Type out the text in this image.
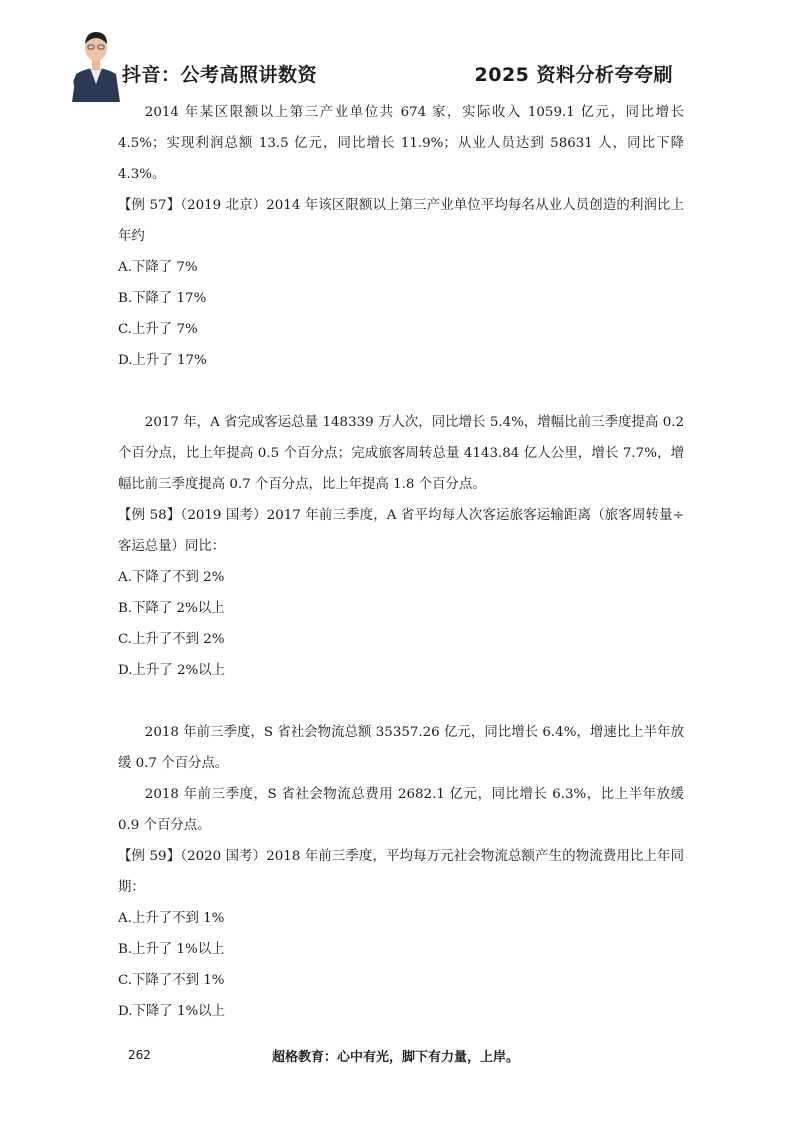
抖音：公考高照讲数资	2025 资料分析夸夸刷

2014 年某区限额以上第三产业单位共 674 家，实际收入 1059.1 亿元，同比增长 4.5%；实现利润总额 13.5 亿元，同比增长 11.9%；从业人员达到 58631 人，同比下降 4.3%。

【例 57】（2019 北京）2014 年该区限额以上第三产业单位平均每名从业人员创造的利润比上年约

A.下降了 7%

B.下降了 17%

C.上升了 7%

D.上升了 17%

2017 年，A 省完成客运总量 148339 万人次，同比增长 5.4%，增幅比前三季度提高 0.2 个百分点，比上年提高 0.5 个百分点；完成旅客周转总量 4143.84 亿人公里，增长 7.7%，增幅比前三季度提高 0.7 个百分点，比上年提高 1.8 个百分点。

【例 58】（2019 国考）2017 年前三季度，A 省平均每人次客运旅客运输距离（旅客周转量÷客运总量）同比：

A.下降了不到 2%

B.下降了 2%以上

C.上升了不到 2%

D.上升了 2%以上

2018 年前三季度，S 省社会物流总额 35357.26 亿元，同比增长 6.4%，增速比上半年放缓 0.7 个百分点。

2018 年前三季度，S 省社会物流总费用 2682.1 亿元，同比增长 6.3%，比上半年放缓 0.9 个百分点。

【例 59】（2020 国考）2018 年前三季度，平均每万元社会物流总额产生的物流费用比上年同期：

A.上升了不到 1%

B.上升了 1%以上

C.下降了不到 1%

D.下降了 1%以上

262	超格教育：心中有光，脚下有力量，上岸。
